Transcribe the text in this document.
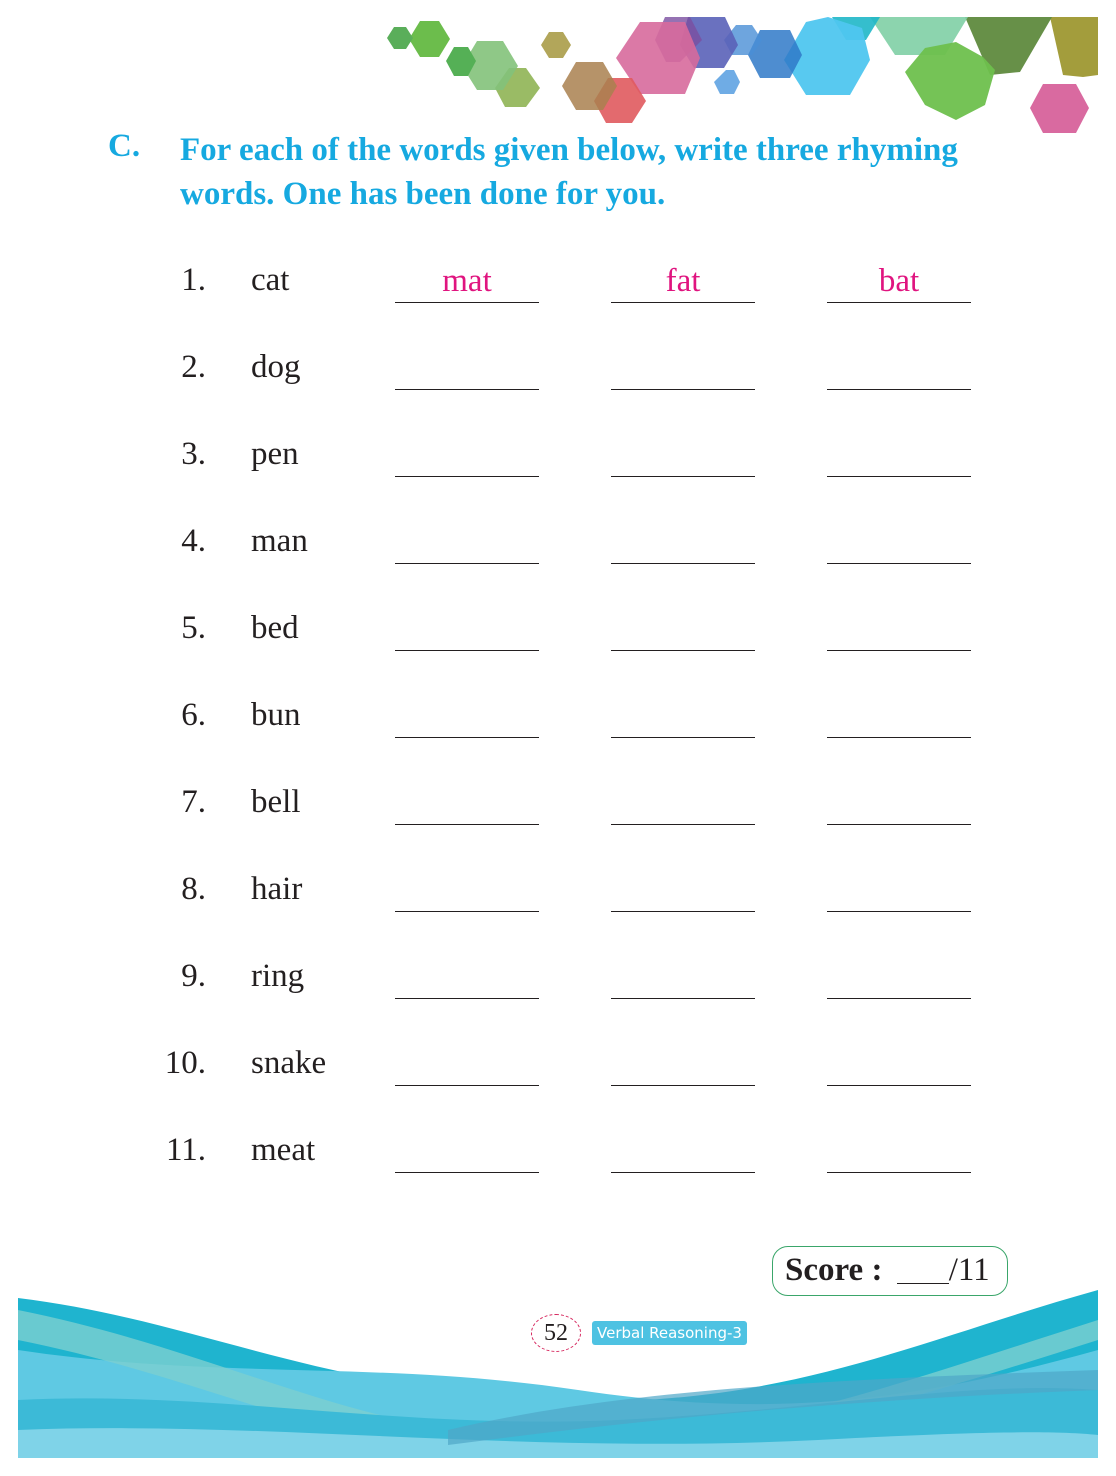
C. For each of the words given below, write three rhyming words. One has been done for you.
1. cat	mat	fat	bat
2. dog
3. pen
4. man
5. bed
6. bun
7. bell
8. hair
9. ring
10. snake
11. meat
Score : /11
52	Verbal Reasoning-3
